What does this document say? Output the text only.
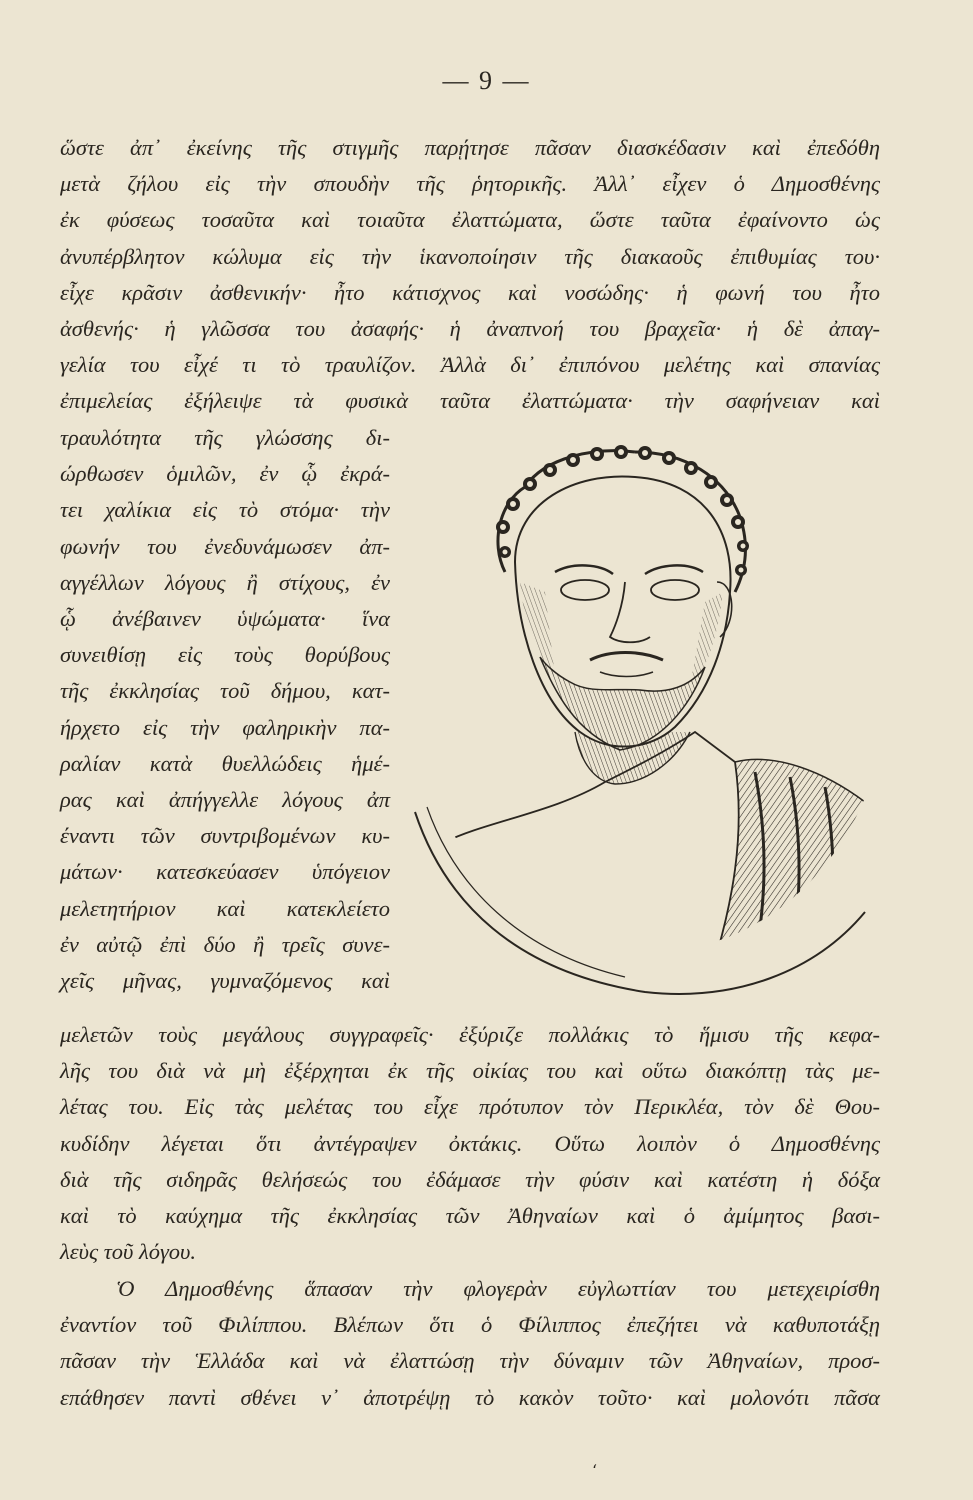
— 9 —
ὥστε ἀπ᾿ ἐκείνης τῆς στιγμῆς παρῄτησε πᾶσαν διασκέδασιν καὶ ἐπεδόθη
μετὰ ζήλου εἰς τὴν σπουδὴν τῆς ῥητορικῆς. Ἀλλ᾿ εἶχεν ὁ Δημοσθένης
ἐκ φύσεως τοσαῦτα καὶ τοιαῦτα ἐλαττώματα, ὥστε ταῦτα ἐφαίνοντο ὡς
ἀνυπέρβλητον κώλυμα εἰς τὴν ἱκανοποίησιν τῆς διακαοῦς ἐπιθυμίας του·
εἶχε κρᾶσιν ἀσθενικήν· ἦτο κάτισχνος καὶ νοσώδης· ἡ φωνή του ἦτο
ἀσθενής· ἡ γλῶσσα του ἀσαφής· ἡ ἀναπνοή του βραχεῖα· ἡ δὲ ἀπαγ-
γελία του εἶχέ τι τὸ τραυλίζον. Ἀλλὰ δι᾿ ἐπιπόνου μελέτης καὶ σπανίας
ἐπιμελείας ἐξήλειψε τὰ φυσικὰ ταῦτα ἐλαττώματα· τὴν σαφήνειαν καὶ
τραυλότητα τῆς γλώσσης δι-
ώρθωσεν ὁμιλῶν, ἐν ᾧ ἐκρά-
τει χαλίκια εἰς τὸ στόμα· τὴν
φωνήν του ἐνεδυνάμωσεν ἀπ-
αγγέλλων λόγους ἢ στίχους, ἐν
ᾧ ἀνέβαινεν ὑψώματα· ἵνα
συνειθίσῃ εἰς τοὺς θορύβους
τῆς ἐκκλησίας τοῦ δήμου, κατ-
ήρχετο εἰς τὴν φαληρικὴν πα-
ραλίαν κατὰ θυελλώδεις ἡμέ-
ρας καὶ ἀπήγγελλε λόγους ἀπ
έναντι τῶν συντριβομένων κυ-
μάτων· κατεσκεύασεν ὑπόγειον
μελετητήριον καὶ κατεκλείετο
ἐν αὐτῷ ἐπὶ δύο ἢ τρεῖς συνε-
χεῖς μῆνας, γυμναζόμενος καὶ
μελετῶν τοὺς μεγάλους συγγραφεῖς· ἐξύριζε πολλάκις τὸ ἥμισυ τῆς κεφα-
λῆς του διὰ νὰ μὴ ἐξέρχηται ἐκ τῆς οἰκίας του καὶ οὕτω διακόπτῃ τὰς με-
λέτας του. Εἰς τὰς μελέτας του εἶχε πρότυπον τὸν Περικλέα, τὸν δὲ Θου-
κυδίδην λέγεται ὅτι ἀντέγραψεν ὀκτάκις. Οὕτω λοιπὸν ὁ Δημοσθένης
διὰ τῆς σιδηρᾶς θελήσεώς του ἐδάμασε τὴν φύσιν καὶ κατέστη ἡ δόξα
καὶ τὸ καύχημα τῆς ἐκκλησίας τῶν Ἀθηναίων καὶ ὁ ἀμίμητος βασι-
λεὺς τοῦ λόγου.
Ὁ Δημοσθένης ἅπασαν τὴν φλογερὰν εὐγλωττίαν του μετεχειρίσθη
ἐναντίον τοῦ Φιλίππου. Βλέπων ὅτι ὁ Φίλιππος ἐπεζήτει νὰ καθυποτάξῃ
πᾶσαν τὴν Ἑλλάδα καὶ νὰ ἐλαττώσῃ τὴν δύναμιν τῶν Ἀθηναίων, προσ-
επάθησεν παντὶ σθένει ν᾿ ἀποτρέψῃ τὸ κακὸν τοῦτο· καὶ μολονότι πᾶσα
ʻ
